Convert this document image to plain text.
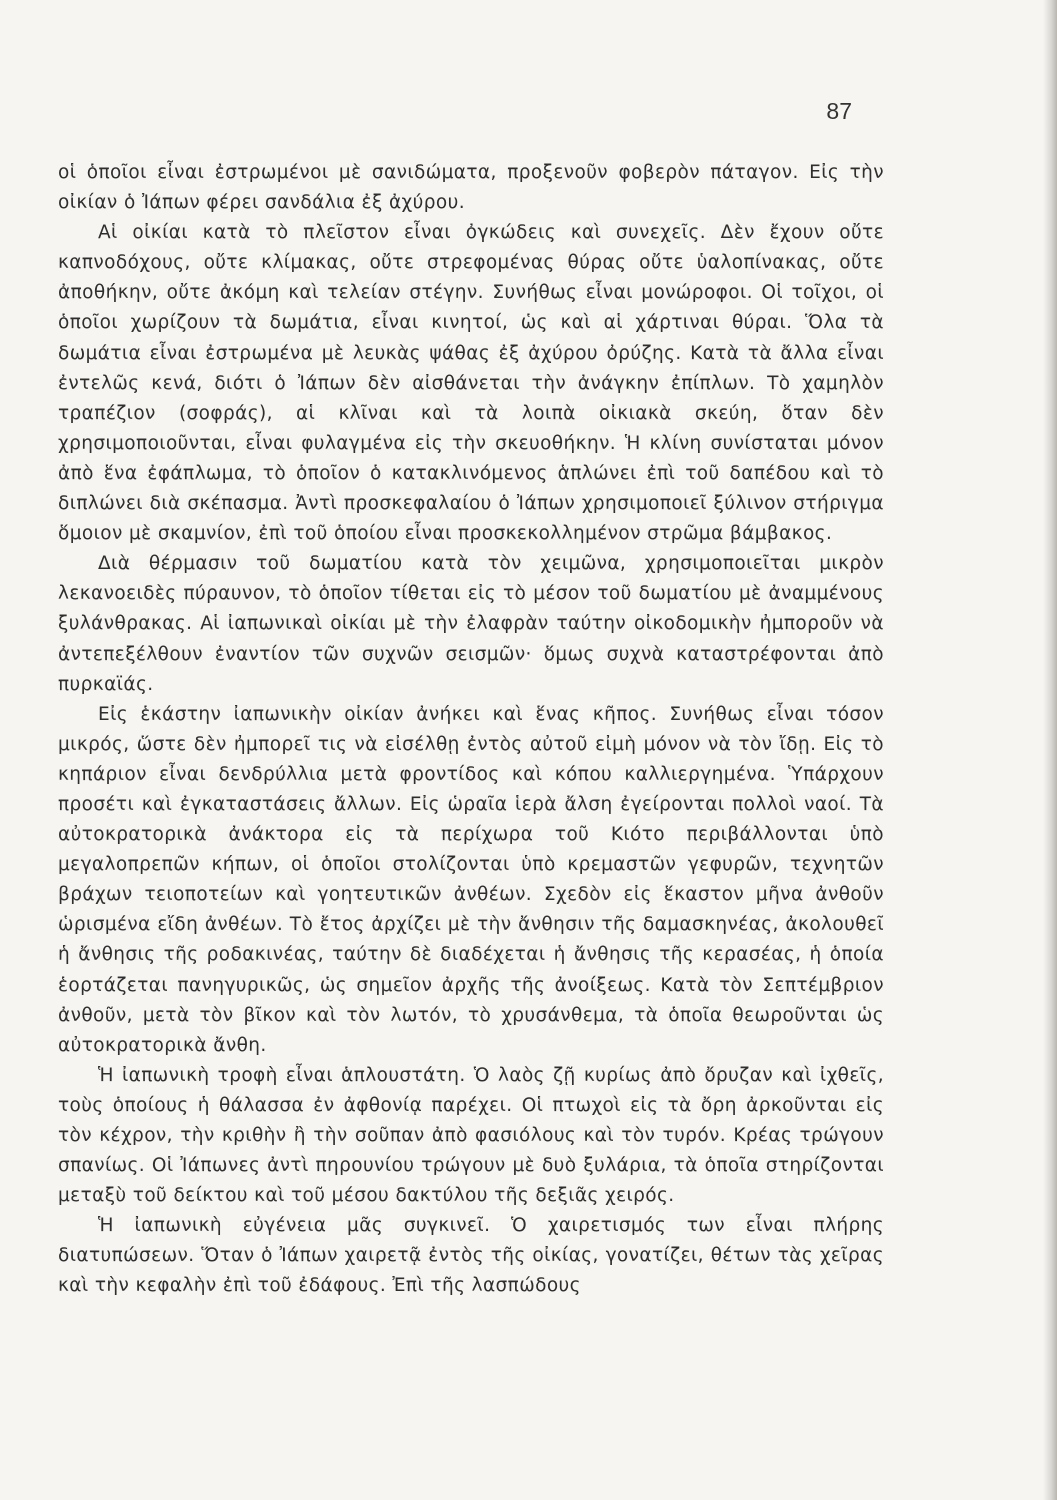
87

οἱ ὁποῖοι εἶναι ἐστρωμένοι μὲ σανιδώματα, προξενοῦν φοβερὸν πάταγον. Εἰς τὴν οἰκίαν ὁ Ἰάπων φέρει σανδάλια ἐξ ἀχύρου.

Αἱ οἰκίαι κατὰ τὸ πλεῖστον εἶναι ὀγκώδεις καὶ συνεχεῖς. Δὲν ἔχουν οὔτε καπνοδόχους, οὔτε κλίμακας, οὔτε στρεφομένας θύρας οὔτε ὑαλοπίνακας, οὔτε ἀποθήκην, οὔτε ἀκόμη καὶ τελείαν στέγην. Συνήθως εἶναι μονώροφοι. Οἱ τοῖχοι, οἱ ὁποῖοι χωρίζουν τὰ δωμάτια, εἶναι κινητοί, ὡς καὶ αἱ χάρτιναι θύραι. Ὅλα τὰ δωμάτια εἶναι ἐστρωμένα μὲ λευκὰς ψάθας ἐξ ἀχύρου ὀρύζης. Κατὰ τὰ ἄλλα εἶναι ἐντελῶς κενά, διότι ὁ Ἰάπων δὲν αἰσθάνεται τὴν ἀνάγκην ἐπίπλων. Τὸ χαμηλὸν τραπέζιον (σοφράς), αἱ κλῖναι καὶ τὰ λοιπὰ οἰκιακὰ σκεύη, ὅταν δὲν χρησιμοποιοῦνται, εἶναι φυλαγμένα εἰς τὴν σκευοθήκην. Ἡ κλίνη συνίσταται μόνον ἀπὸ ἕνα ἐφάπλωμα, τὸ ὁποῖον ὁ κατακλινόμενος ἁπλώνει ἐπὶ τοῦ δαπέδου καὶ τὸ διπλώνει διὰ σκέπασμα. Ἀντὶ προσκεφαλαίου ὁ Ἰάπων χρησιμοποιεῖ ξύλινον στήριγμα ὅμοιον μὲ σκαμνίον, ἐπὶ τοῦ ὁποίου εἶναι προσκεκολλημένον στρῶμα βάμβακος.

Διὰ θέρμασιν τοῦ δωματίου κατὰ τὸν χειμῶνα, χρησιμοποιεῖται μικρὸν λεκανοειδὲς πύραυνον, τὸ ὁποῖον τίθεται εἰς τὸ μέσον τοῦ δωματίου μὲ ἀναμμένους ξυλάνθρακας. Αἱ ἰαπωνικαὶ οἰκίαι μὲ τὴν ἐλαφρὰν ταύτην οἰκοδομικὴν ἠμποροῦν νὰ ἀντεπεξέλθουν ἐναντίον τῶν συχνῶν σεισμῶν· ὅμως συχνὰ καταστρέφονται ἀπὸ πυρκαϊάς.

Εἰς ἑκάστην ἰαπωνικὴν οἰκίαν ἀνήκει καὶ ἕνας κῆπος. Συνήθως εἶναι τόσον μικρός, ὥστε δὲν ἠμπορεῖ τις νὰ εἰσέλθῃ ἐντὸς αὐτοῦ εἰμὴ μόνον νὰ τὸν ἴδῃ. Εἰς τὸ κηπάριον εἶναι δενδρύλλια μετὰ φροντίδος καὶ κόπου καλλιεργημένα. Ὑπάρχουν προσέτι καὶ ἐγκαταστάσεις ἄλλων. Εἰς ὡραῖα ἱερὰ ἄλση ἐγείρονται πολλοὶ ναοί. Τὰ αὐτοκρατορικὰ ἀνάκτορα εἰς τὰ περίχωρα τοῦ Κιότο περιβάλλονται ὑπὸ μεγαλοπρεπῶν κήπων, οἱ ὁποῖοι στολίζονται ὑπὸ κρεμαστῶν γεφυρῶν, τεχνητῶν βράχων τειοποτείων καὶ γοητευτικῶν ἀνθέων. Σχεδὸν εἰς ἕκαστον μῆνα ἀνθοῦν ὡρισμένα εἴδη ἀνθέων. Τὸ ἔτος ἀρχίζει μὲ τὴν ἄνθησιν τῆς δαμασκηνέας, ἀκολουθεῖ ἡ ἄνθησις τῆς ροδακινέας, ταύτην δὲ διαδέχεται ἡ ἄνθησις τῆς κερασέας, ἡ ὁποία ἑορτάζεται πανηγυρικῶς, ὡς σημεῖον ἀρχῆς τῆς ἀνοίξεως. Κατὰ τὸν Σεπτέμβριον ἀνθοῦν, μετὰ τὸν βῖκον καὶ τὸν λωτόν, τὸ χρυσάνθεμα, τὰ ὁποῖα θεωροῦνται ὡς αὐτοκρατορικὰ ἄνθη.

Ἡ ἰαπωνικὴ τροφὴ εἶναι ἁπλουστάτη. Ὁ λαὸς ζῇ κυρίως ἀπὸ ὄρυζαν καὶ ἰχθεῖς, τοὺς ὁποίους ἡ θάλασσα ἐν ἀφθονίᾳ παρέχει. Οἱ πτωχοὶ εἰς τὰ ὄρη ἀρκοῦνται εἰς τὸν κέχρον, τὴν κριθὴν ἢ τὴν σοῦπαν ἀπὸ φασιόλους καὶ τὸν τυρόν. Κρέας τρώγουν σπανίως. Οἱ Ἰάπωνες ἀντὶ πηρουνίου τρώγουν μὲ δυὸ ξυλάρια, τὰ ὁποῖα στηρίζονται μεταξὺ τοῦ δείκτου καὶ τοῦ μέσου δακτύλου τῆς δεξιᾶς χειρός.

Ἡ ἰαπωνικὴ εὐγένεια μᾶς συγκινεῖ. Ὁ χαιρετισμός των εἶναι πλήρης διατυπώσεων. Ὅταν ὁ Ἰάπων χαιρετᾷ ἐντὸς τῆς οἰκίας, γονατίζει, θέτων τὰς χεῖρας καὶ τὴν κεφαλὴν ἐπὶ τοῦ ἐδάφους. Ἐπὶ τῆς λασπώδους
